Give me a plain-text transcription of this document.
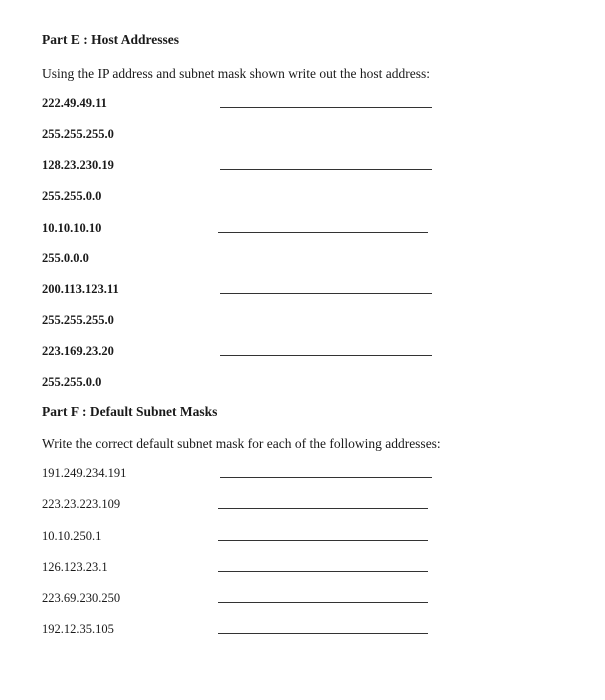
Part E : Host Addresses
Using the IP address and subnet mask shown write out the host address:
222.49.49.11
255.255.255.0
128.23.230.19
255.255.0.0
10.10.10.10
255.0.0.0
200.113.123.11
255.255.255.0
223.169.23.20
255.255.0.0
Part F : Default Subnet Masks
Write the correct default subnet mask for each of the following addresses:
191.249.234.191
223.23.223.109
10.10.250.1
126.123.23.1
223.69.230.250
192.12.35.105
